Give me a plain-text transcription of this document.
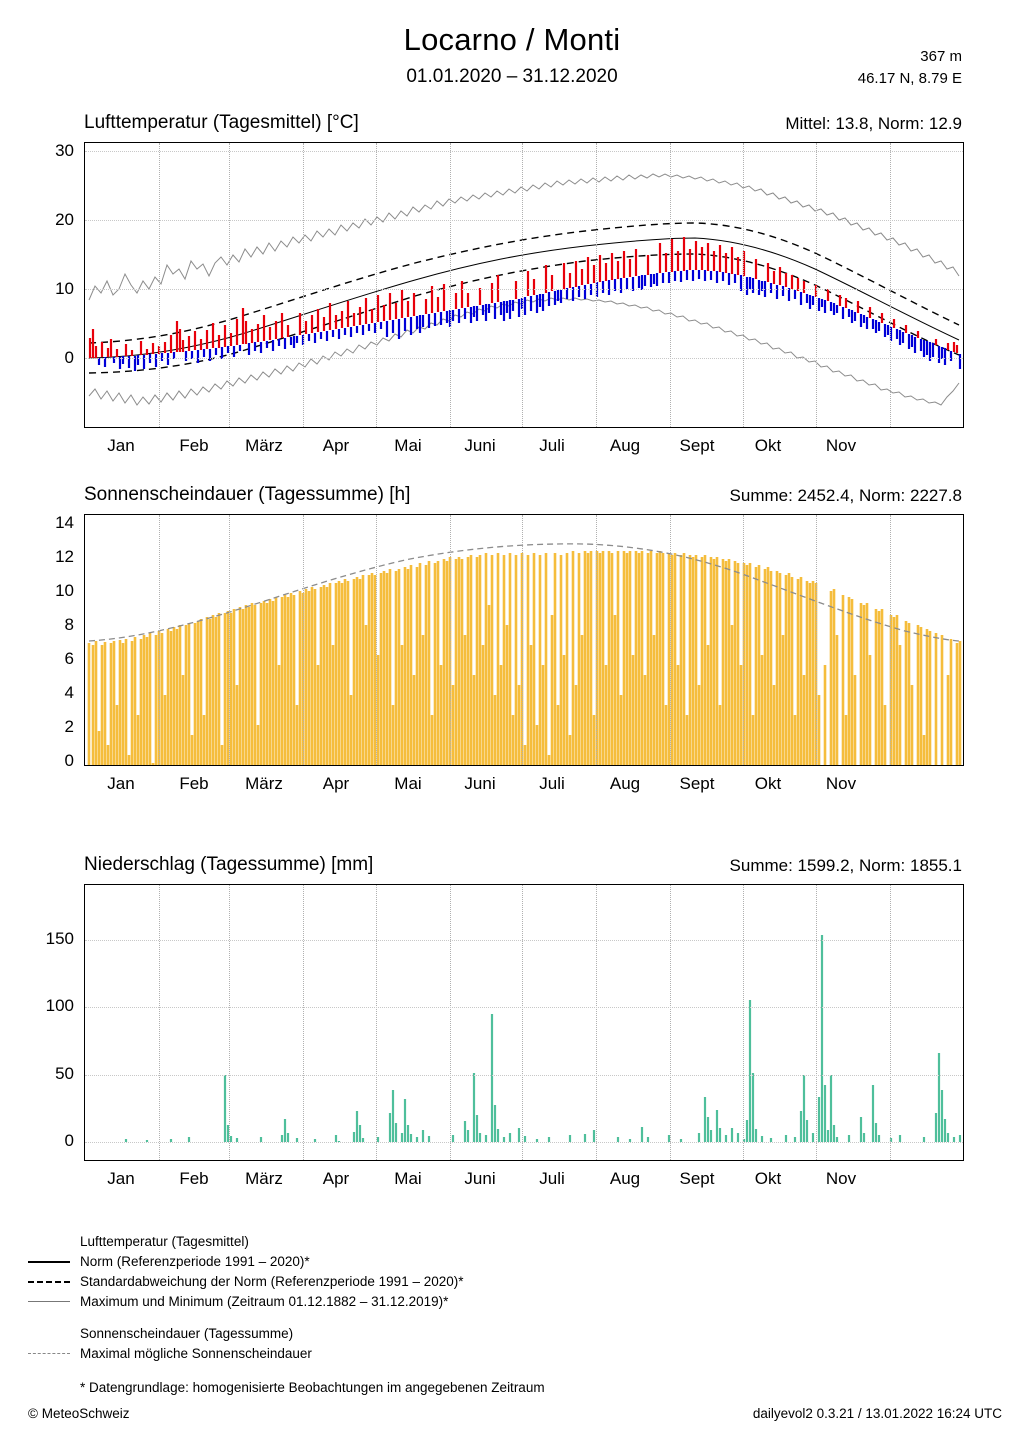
Locarno / Monti
01.01.2020 – 31.12.2020
367 m
46.17 N, 8.79 E
Lufttemperatur (Tagesmittel) [°C]	Mittel: 13.8, Norm: 12.9
30
20
10
0
Jan	Feb	März	Apr	Mai	Juni	Juli	Aug	Sept	Okt	Nov
Sonnenscheindauer (Tagessumme) [h]	Summe: 2452.4, Norm: 2227.8
14
12
10
8
6
4
2
0
Jan	Feb	März	Apr	Mai	Juni	Juli	Aug	Sept	Okt	Nov
Niederschlag (Tagessumme) [mm]	Summe: 1599.2, Norm: 1855.1
150
100
50
0
Jan	Feb	März	Apr	Mai	Juni	Juli	Aug	Sept	Okt	Nov
Lufttemperatur (Tagesmittel)
Norm (Referenzperiode 1991 – 2020)*
Standardabweichung der Norm (Referenzperiode 1991 – 2020)*
Maximum und Minimum (Zeitraum 01.12.1882 – 31.12.2019)*
Sonnenscheindauer (Tagessumme)
Maximal mögliche Sonnenscheindauer
* Datengrundlage: homogenisierte Beobachtungen im angegebenen Zeitraum
© MeteoSchweiz	dailyevol2 0.3.21 / 13.01.2022 16:24 UTC
